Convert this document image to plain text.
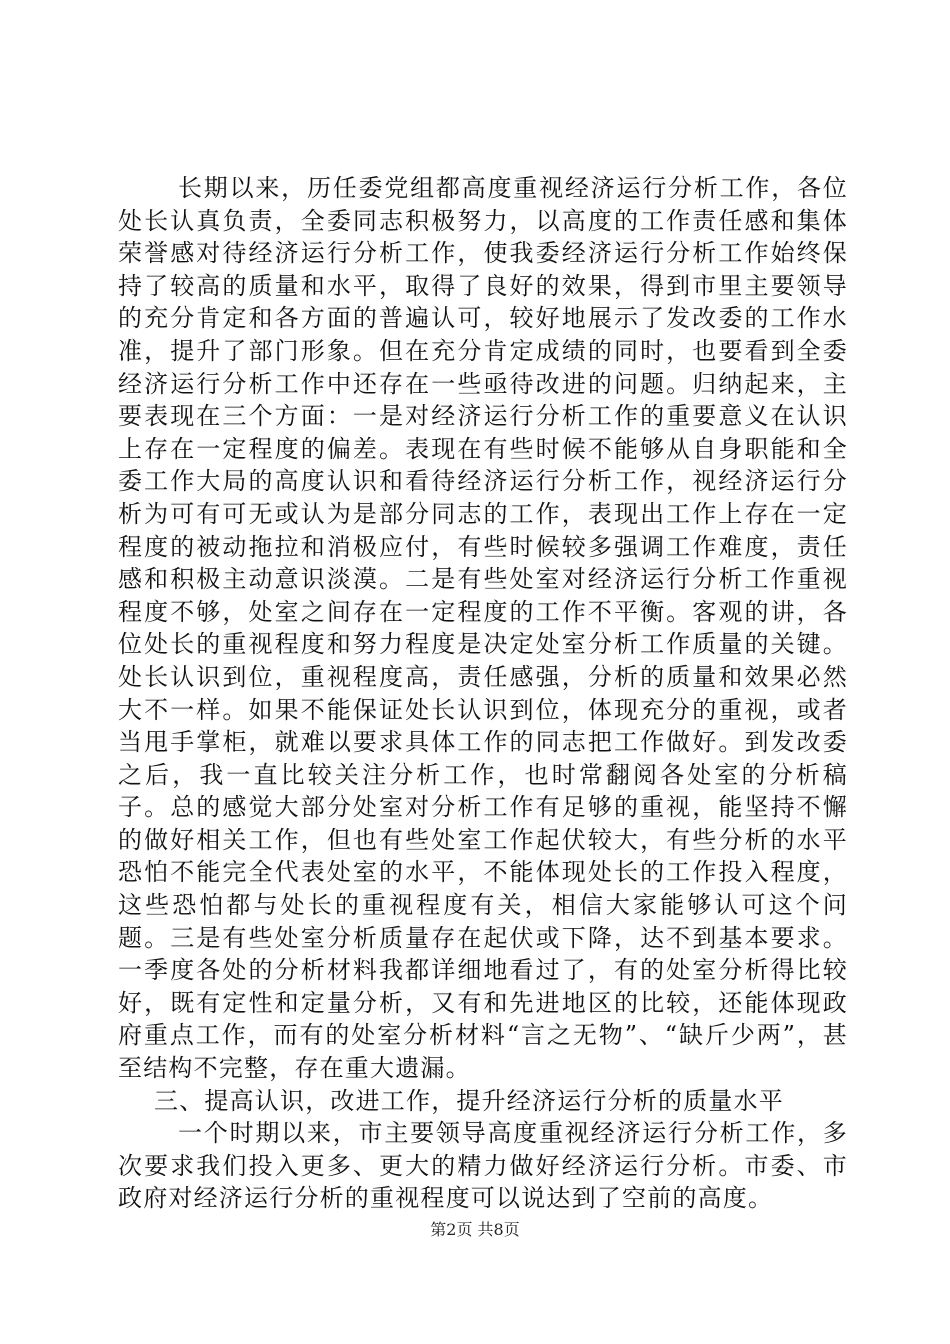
长期以来，历任委党组都高度重视经济运行分析工作，各位处长认真负责，全委同志积极努力，以高度的工作责任感和集体荣誉感对待经济运行分析工作，使我委经济运行分析工作始终保持了较高的质量和水平，取得了良好的效果，得到市里主要领导的充分肯定和各方面的普遍认可，较好地展示了发改委的工作水准，提升了部门形象。但在充分肯定成绩的同时，也要看到全委经济运行分析工作中还存在一些亟待改进的问题。归纳起来，主要表现在三个方面：一是对经济运行分析工作的重要意义在认识上存在一定程度的偏差。表现在有些时候不能够从自身职能和全委工作大局的高度认识和看待经济运行分析工作，视经济运行分析为可有可无或认为是部分同志的工作，表现出工作上存在一定程度的被动拖拉和消极应付，有些时候较多强调工作难度，责任感和积极主动意识淡漠。二是有些处室对经济运行分析工作重视程度不够，处室之间存在一定程度的工作不平衡。客观的讲，各位处长的重视程度和努力程度是决定处室分析工作质量的关键。处长认识到位，重视程度高，责任感强，分析的质量和效果必然大不一样。如果不能保证处长认识到位，体现充分的重视，或者当甩手掌柜，就难以要求具体工作的同志把工作做好。到发改委之后，我一直比较关注分析工作，也时常翻阅各处室的分析稿子。总的感觉大部分处室对分析工作有足够的重视，能坚持不懈的做好相关工作，但也有些处室工作起伏较大，有些分析的水平恐怕不能完全代表处室的水平，不能体现处长的工作投入程度，这些恐怕都与处长的重视程度有关，相信大家能够认可这个问题。三是有些处室分析质量存在起伏或下降，达不到基本要求。一季度各处的分析材料我都详细地看过了，有的处室分析得比较好，既有定性和定量分析，又有和先进地区的比较，还能体现政府重点工作，而有的处室分析材料“言之无物”、“缺斤少两”，甚至结构不完整，存在重大遗漏。

三、提高认识，改进工作，提升经济运行分析的质量水平

一个时期以来，市主要领导高度重视经济运行分析工作，多次要求我们投入更多、更大的精力做好经济运行分析。市委、市政府对经济运行分析的重视程度可以说达到了空前的高度。

第2页 共8页
